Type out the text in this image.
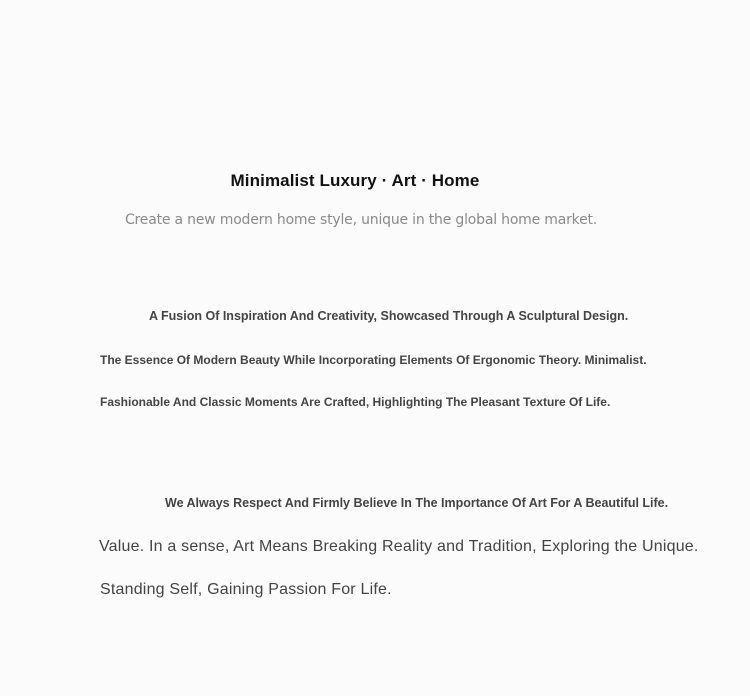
Minimalist Luxury · Art · Home

Create a new modern home style, unique in the global home market.

A Fusion Of Inspiration And Creativity, Showcased Through A Sculptural Design.

The Essence Of Modern Beauty While Incorporating Elements Of Ergonomic Theory. Minimalist.

Fashionable And Classic Moments Are Crafted, Highlighting The Pleasant Texture Of Life.

We Always Respect And Firmly Believe In The Importance Of Art For A Beautiful Life.

Value. In a sense, Art Means Breaking Reality and Tradition, Exploring the Unique.

Standing Self, Gaining Passion For Life.
